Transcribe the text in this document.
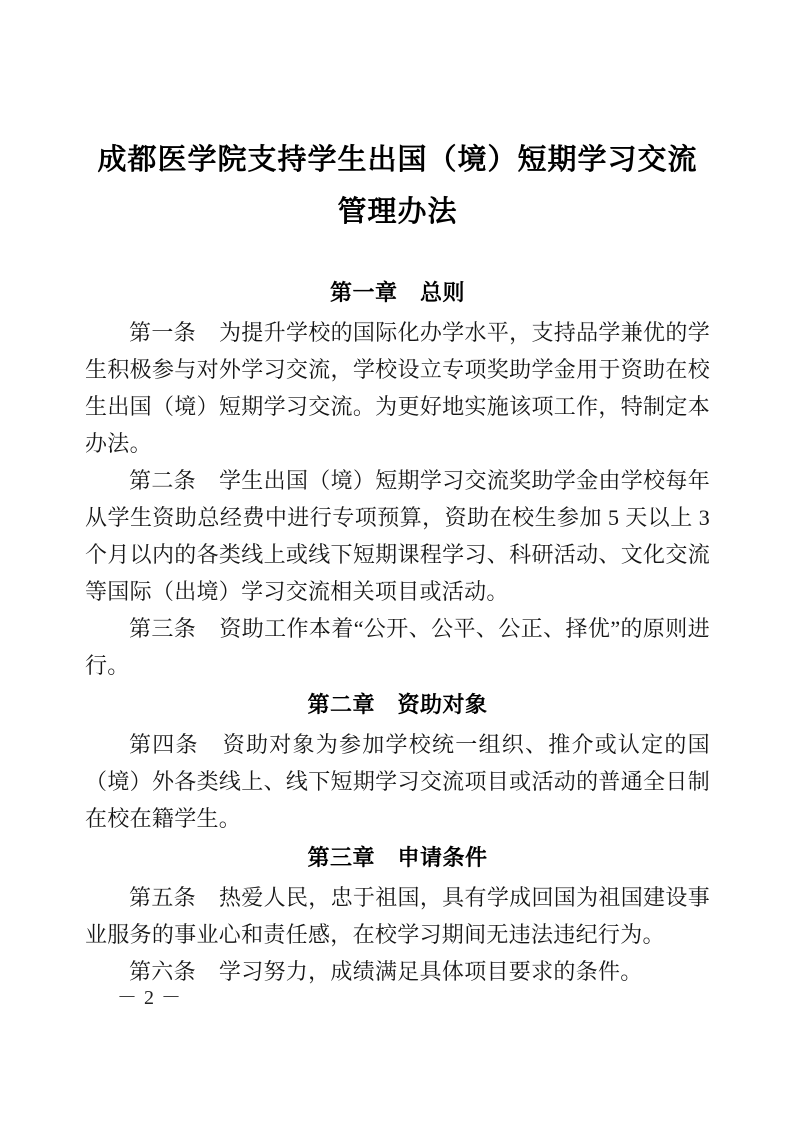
成都医学院支持学生出国（境）短期学习交流
管理办法
第一章　总则

第一条 为提升学校的国际化办学水平，支持品学兼优的学生积极参与对外学习交流，学校设立专项奖助学金用于资助在校生出国（境）短期学习交流。为更好地实施该项工作，特制定本办法。

第二条 学生出国（境）短期学习交流奖助学金由学校每年从学生资助总经费中进行专项预算，资助在校生参加 5 天以上 3 个月以内的各类线上或线下短期课程学习、科研活动、文化交流等国际（出境）学习交流相关项目或活动。

第三条 资助工作本着“公开、公平、公正、择优”的原则进行。

第二章　资助对象

第四条 资助对象为参加学校统一组织、推介或认定的国（境）外各类线上、线下短期学习交流项目或活动的普通全日制在校在籍学生。

第三章　申请条件

第五条 热爱人民，忠于祖国，具有学成回国为祖国建设事业服务的事业心和责任感，在校学习期间无违法违纪行为。

第六条 学习努力，成绩满足具体项目要求的条件。

－ 2 －
